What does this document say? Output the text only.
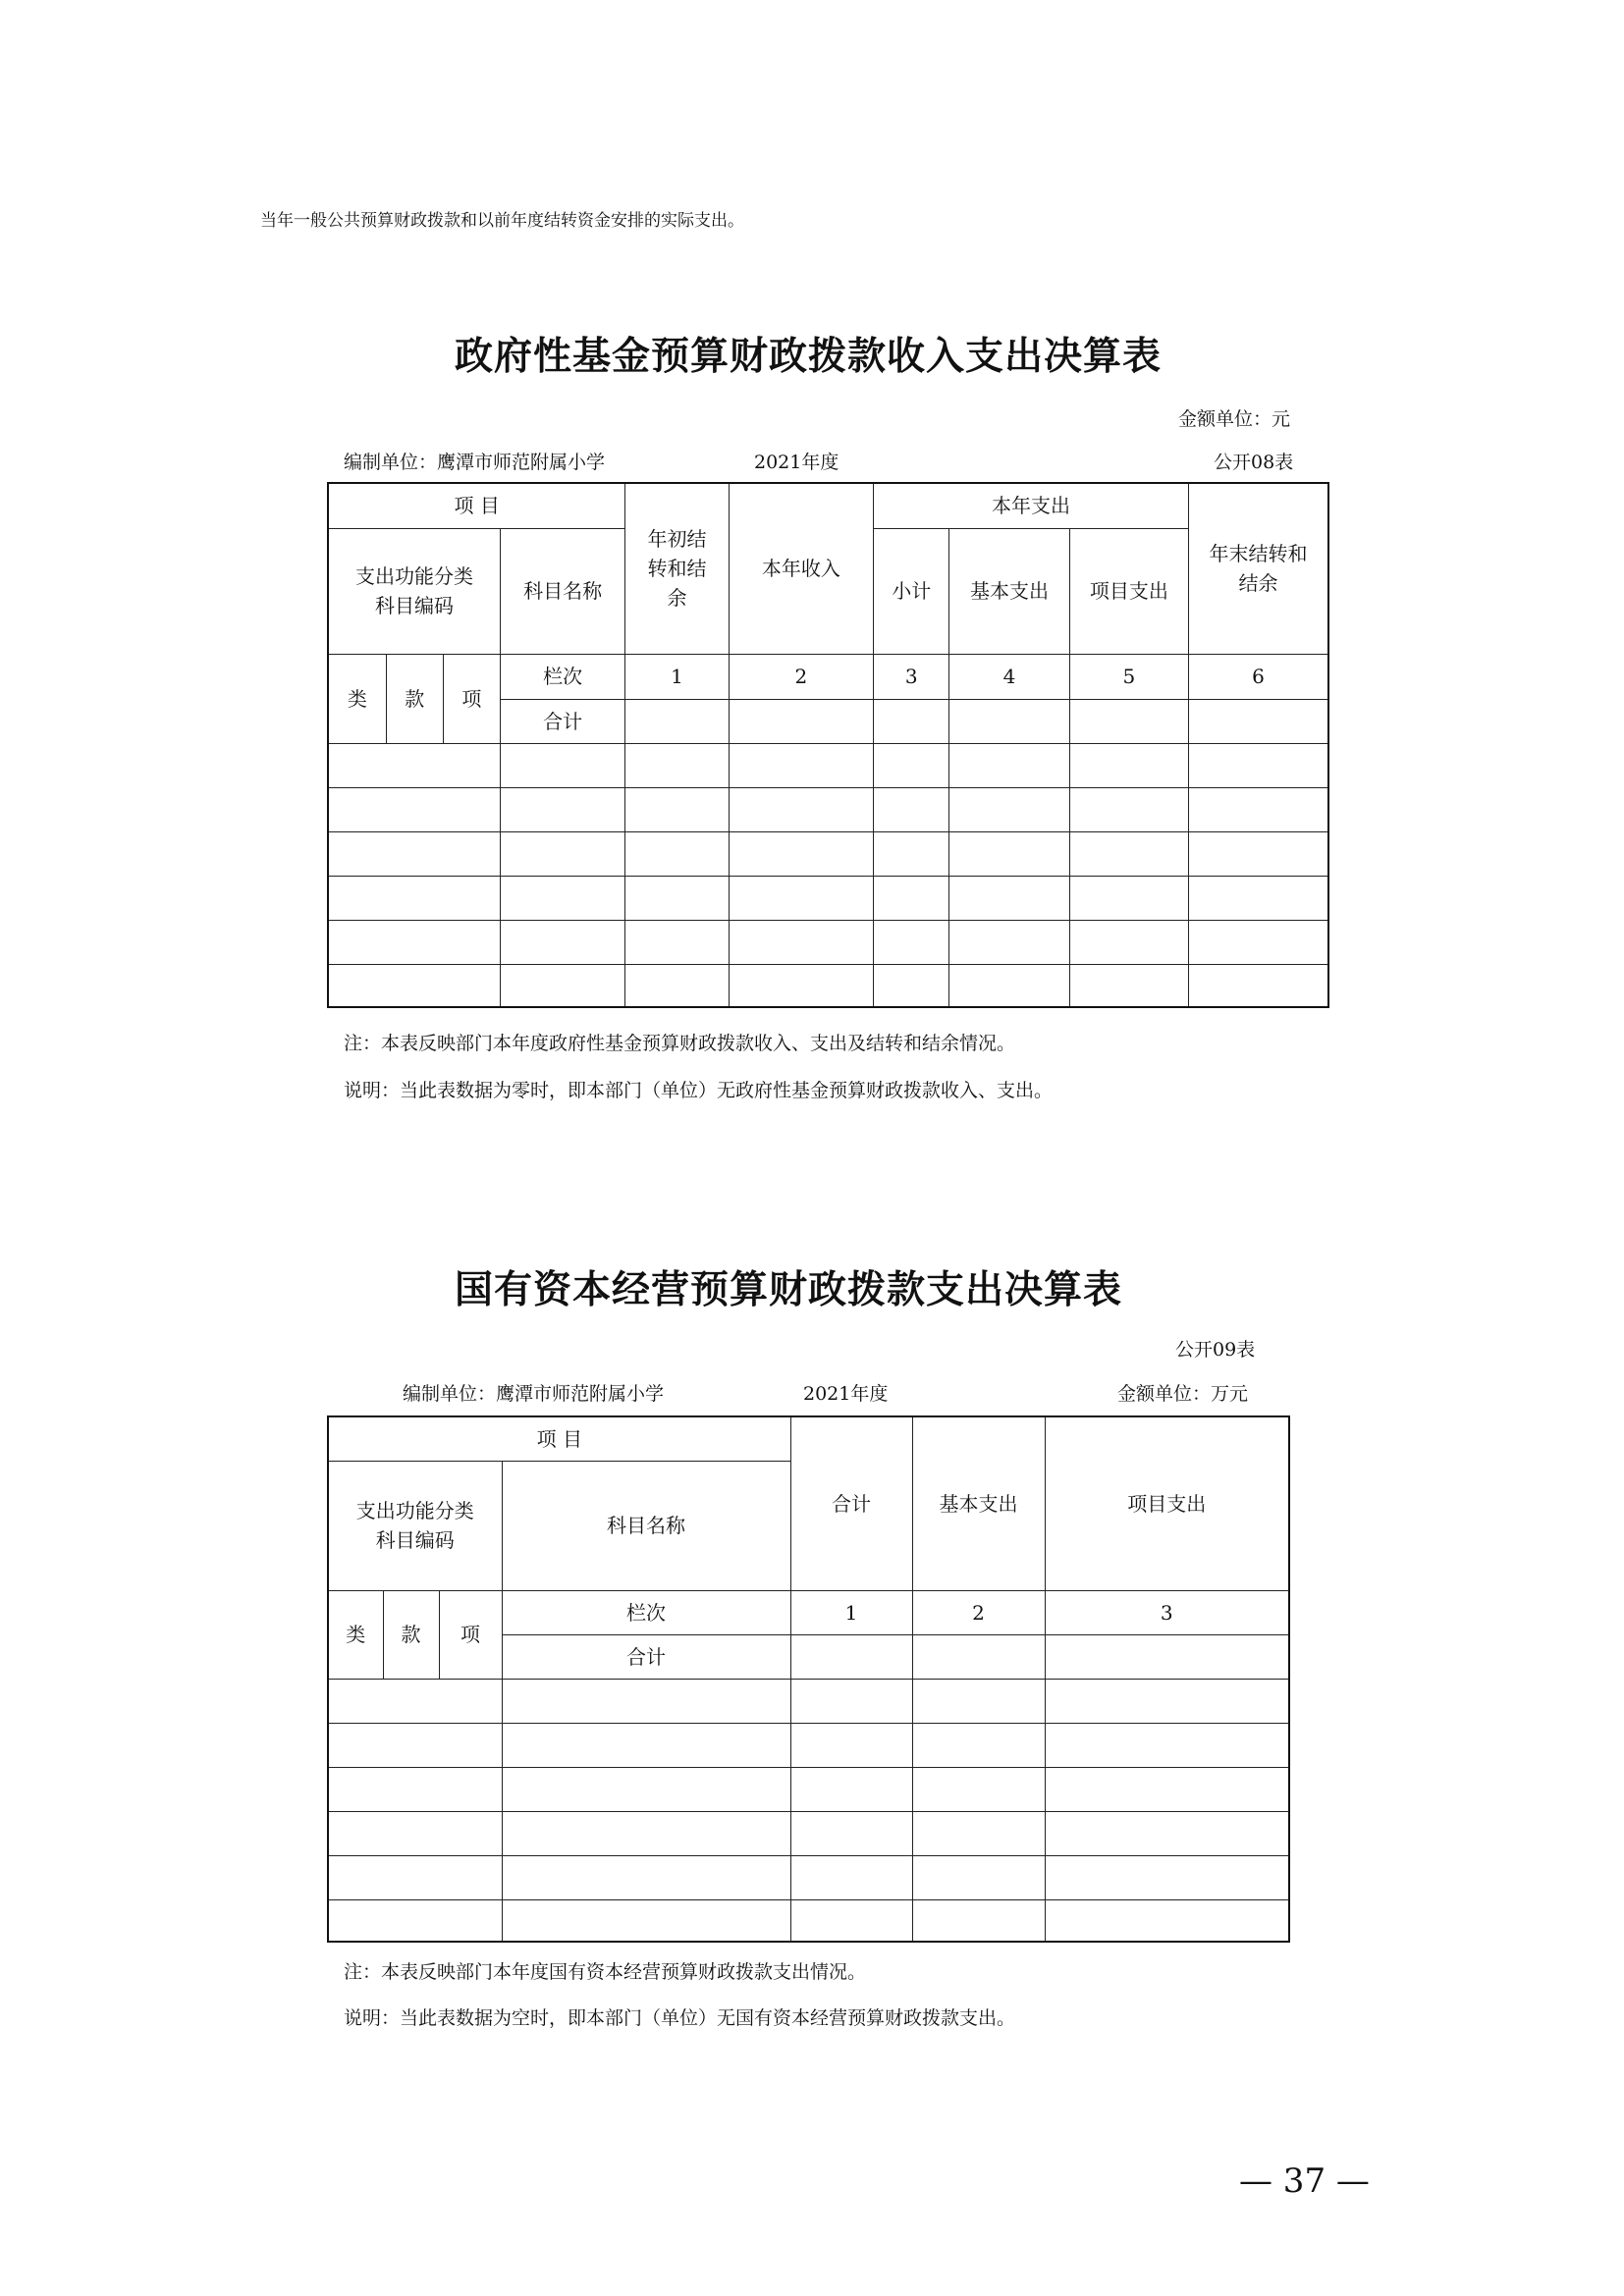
当年一般公共预算财政拨款和以前年度结转资金安排的实际支出。
政府性基金预算财政拨款收入支出决算表
金额单位：元
编制单位：鹰潭市师范附属小学	2021年度	公开08表
项 目				年初结转和结余	本年收入	本年支出			年末结转和结余
支出功能分类科目编码			科目名称			小计	基本支出	项目支出	
类	款	项	栏次	1	2	3	4	5	6
			合计						

注：本表反映部门本年度政府性基金预算财政拨款收入、支出及结转和结余情况。
说明：当此表数据为零时，即本部门（单位）无政府性基金预算财政拨款收入、支出。
国有资本经营预算财政拨款支出决算表
公开09表
编制单位：鹰潭市师范附属小学	2021年度	金额单位：万元
项 目				合计	基本支出	项目支出
支出功能分类科目编码			科目名称			
类	款	项	栏次	1	2	3
			合计			

注：本表反映部门本年度国有资本经营预算财政拨款支出情况。
说明：当此表数据为空时，即本部门（单位）无国有资本经营预算财政拨款支出。
— 37 —
